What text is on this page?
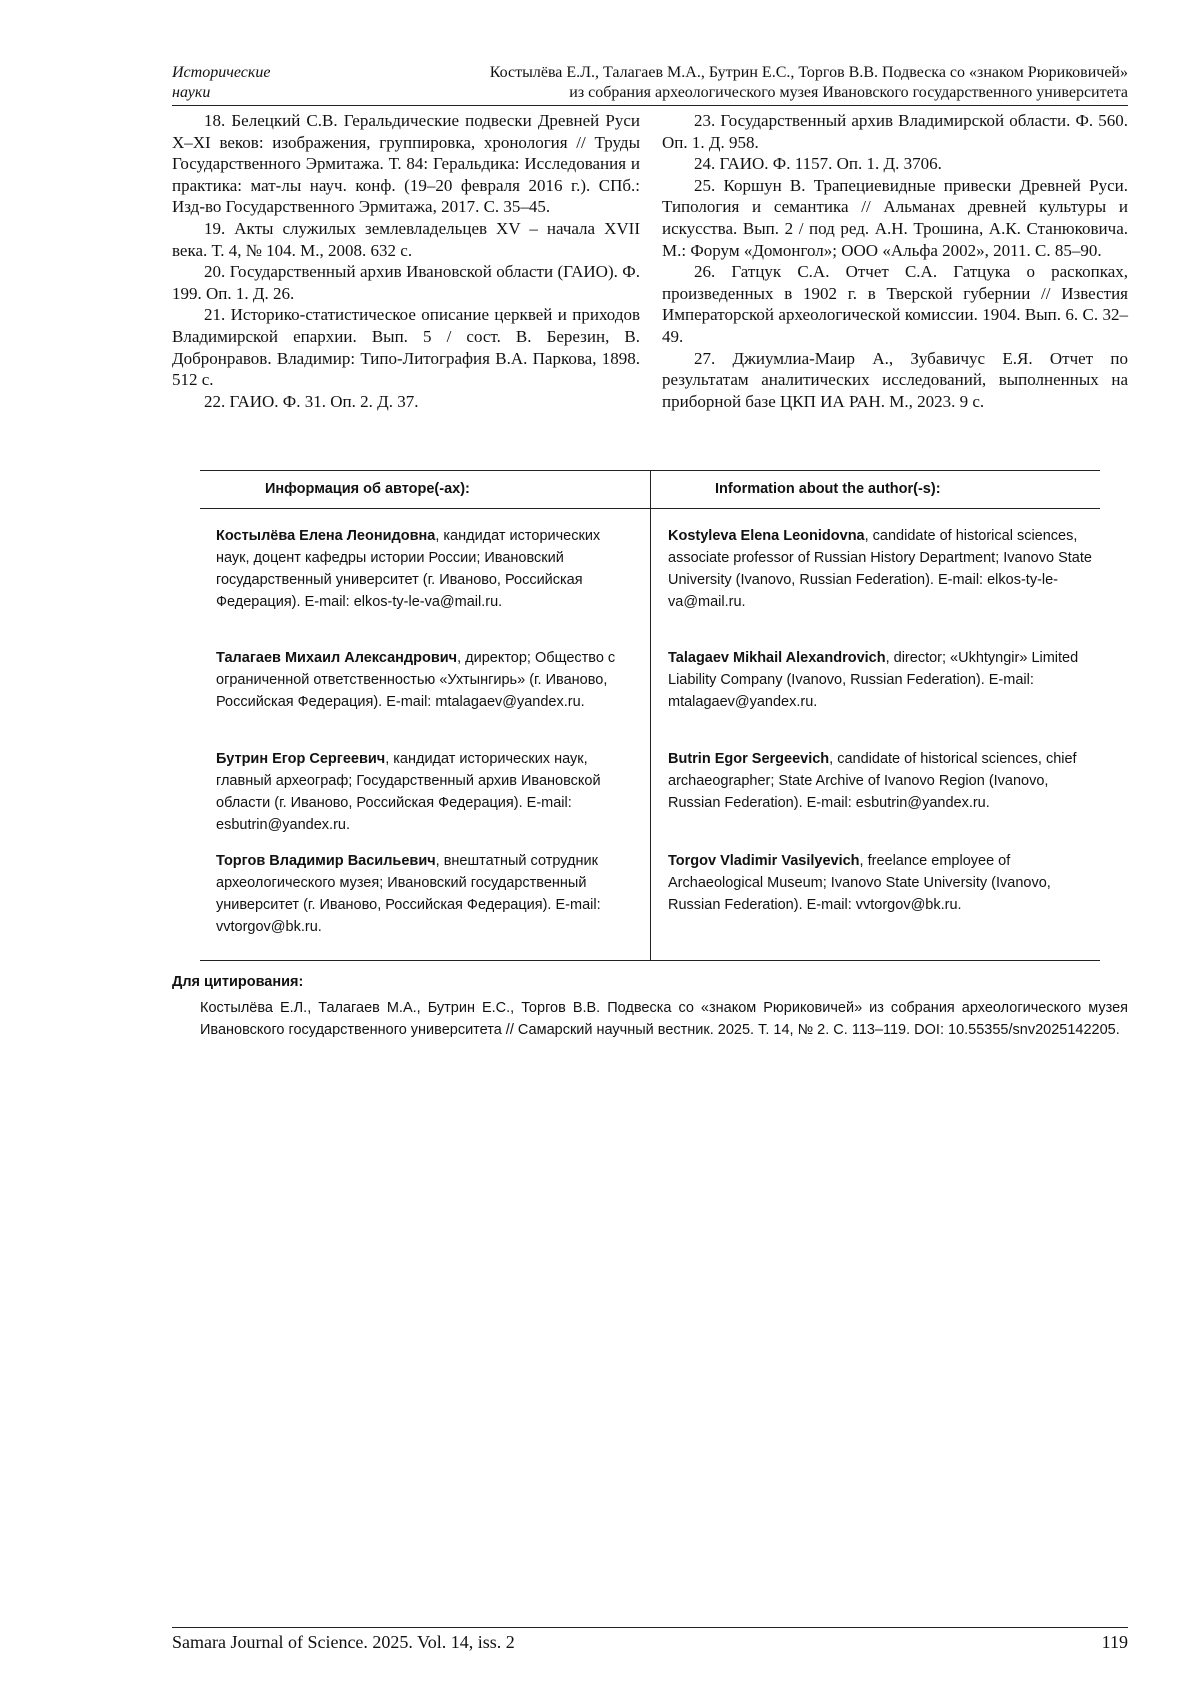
Исторические науки
Костылёва Е.Л., Талагаев М.А., Бутрин Е.С., Торгов В.В. Подвеска со «знаком Рюриковичей»
из собрания археологического музея Ивановского государственного университета

18. Белецкий С.В. Геральдические подвески Древней Руси X–XI веков: изображения, группировка, хронология // Труды Государственного Эрмитажа. Т. 84: Геральдика: Исследования и практика: мат-лы науч. конф. (19–20 февраля 2016 г.). СПб.: Изд-во Государственного Эрмитажа, 2017. С. 35–45.

19. Акты служилых землевладельцев XV – начала XVII века. Т. 4, № 104. М., 2008. 632 с.

20. Государственный архив Ивановской области (ГАИО). Ф. 199. Оп. 1. Д. 26.

21. Историко-статистическое описание церквей и приходов Владимирской епархии. Вып. 5 / сост. В. Березин, В. Добронравов. Владимир: Типо-Литография В.А. Паркова, 1898. 512 с.

22. ГАИО. Ф. 31. Оп. 2. Д. 37.

23. Государственный архив Владимирской области. Ф. 560. Оп. 1. Д. 958.

24. ГАИО. Ф. 1157. Оп. 1. Д. 3706.

25. Коршун В. Трапециевидные привески Древней Руси. Типология и семантика // Альманах древней культуры и искусства. Вып. 2 / под ред. А.Н. Трошина, А.К. Станюковича. М.: Форум «Домонгол»; ООО «Альфа 2002», 2011. С. 85–90.

26. Гатцук С.А. Отчет С.А. Гатцука о раскопках, произведенных в 1902 г. в Тверской губернии // Известия Императорской археологической комиссии. 1904. Вып. 6. С. 32–49.

27. Джиумлиа-Маир А., Зубавичус Е.Я. Отчет по результатам аналитических исследований, выполненных на приборной базе ЦКП ИА РАН. М., 2023. 9 с.

Информация об авторе(-ах):	Information about the author(-s):
Костылёва Елена Леонидовна, кандидат исторических наук, доцент кафедры истории России; Ивановский государственный университет (г. Иваново, Российская Федерация). E-mail: elkos-ty-le-va@mail.ru.
Талагаев Михаил Александрович, директор; Общество с ограниченной ответственностью «Ухтынгирь» (г. Иваново, Российская Федерация). E-mail: mtalagaev@yandex.ru.
Бутрин Егор Сергеевич, кандидат исторических наук, главный археограф; Государственный архив Ивановской области (г. Иваново, Российская Федерация). E-mail: esbutrin@yandex.ru.
Торгов Владимир Васильевич, внештатный сотрудник археологического музея; Ивановский государственный университет (г. Иваново, Российская Федерация). E-mail: vvtorgov@bk.ru.
Kostyleva Elena Leonidovna, candidate of historical sciences, associate professor of Russian History Department; Ivanovo State University (Ivanovo, Russian Federation). E-mail: elkos-ty-le-va@mail.ru.
Talagaev Mikhail Alexandrovich, director; «Ukhtyngir» Limited Liability Company (Ivanovo, Russian Federation). E-mail: mtalagaev@yandex.ru.
Butrin Egor Sergeevich, candidate of historical sciences, chief archaeographer; State Archive of Ivanovo Region (Ivanovo, Russian Federation). E-mail: esbutrin@yandex.ru.
Torgov Vladimir Vasilyevich, freelance employee of Archaeological Museum; Ivanovo State University (Ivanovo, Russian Federation). E-mail: vvtorgov@bk.ru.
Для цитирования:
Костылёва Е.Л., Талагаев М.А., Бутрин Е.С., Торгов В.В. Подвеска со «знаком Рюриковичей» из собрания археологического музея Ивановского государственного университета // Самарский научный вестник. 2025. Т. 14, № 2. С. 113–119. DOI: 10.55355/snv2025142205.
Samara Journal of Science. 2025. Vol. 14, iss. 2	119
